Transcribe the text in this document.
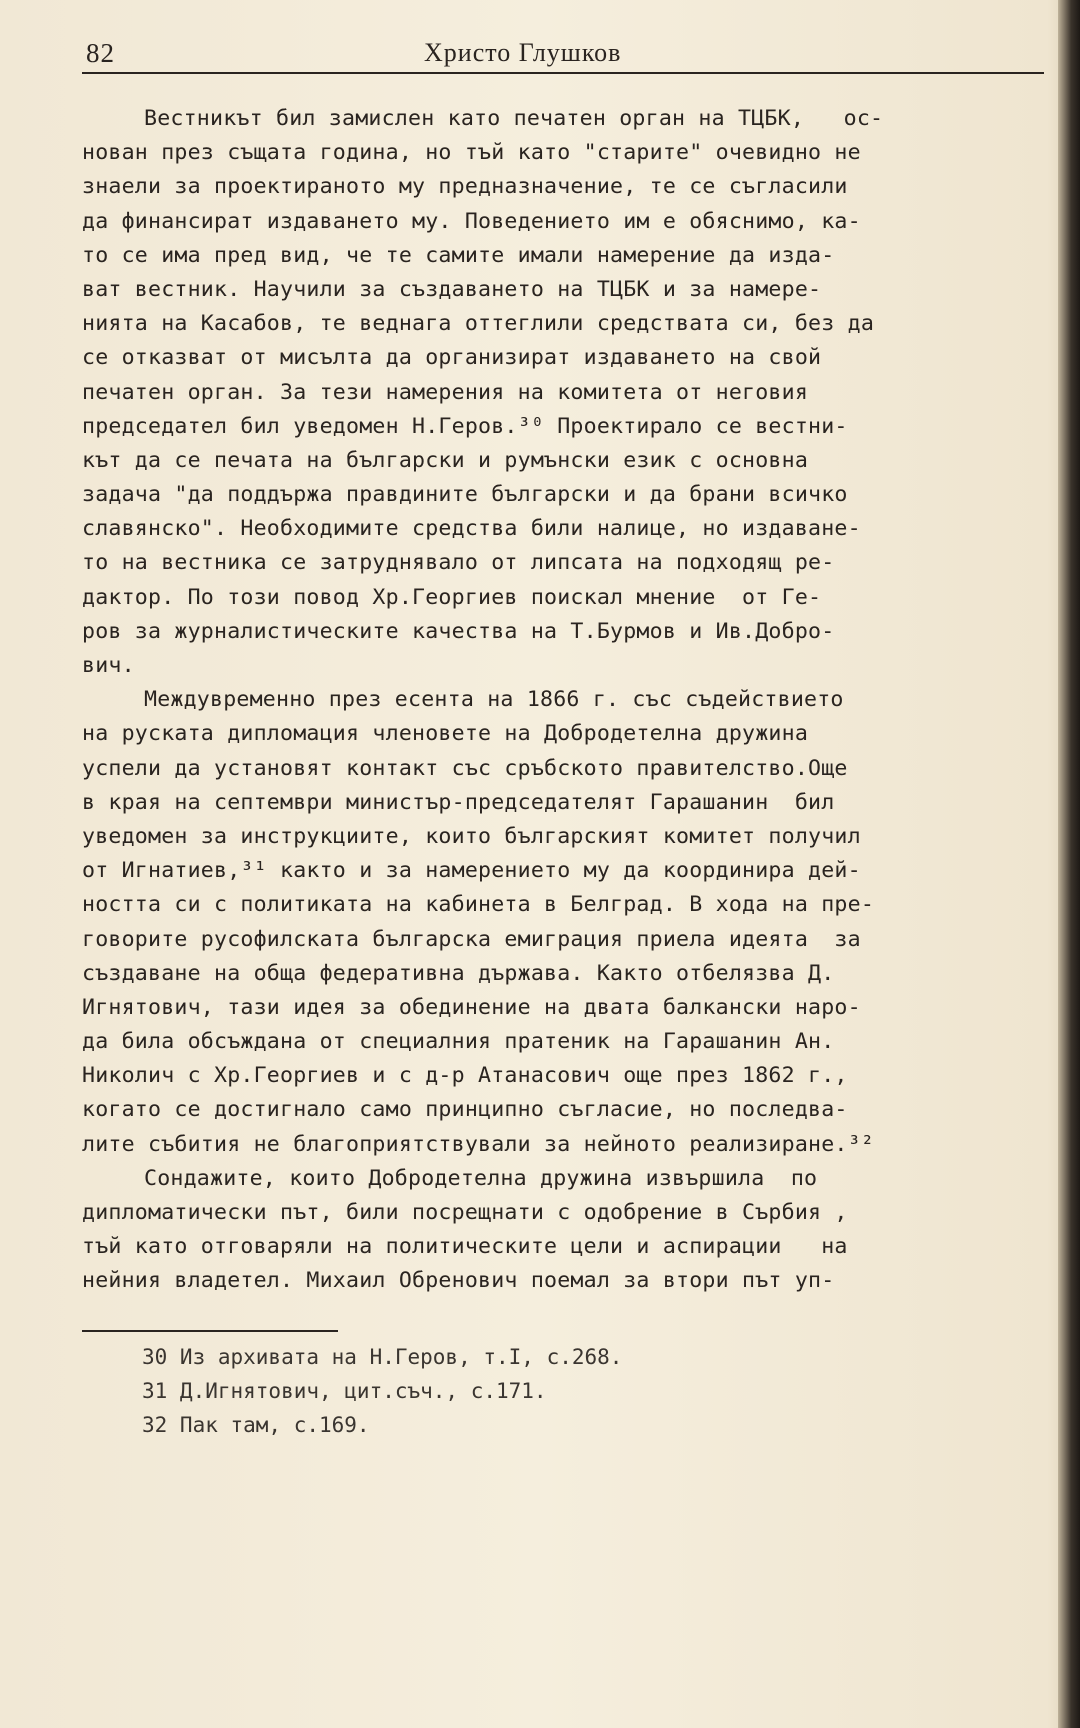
82	Христо Глушков
Вестникът бил замислен като печатен орган на ТЦБК,   ос-
нован през същата година, но тъй като "старите" очевидно не
знаели за проектираното му предназначение, те се съгласили
да финансират издаването му. Поведението им е обяснимо, ка-
то се има пред вид, че те самите имали намерение да изда-
ват вестник. Научили за създаването на ТЦБК и за намере-
нията на Касабов, те веднага оттеглили средствата си, без да
се отказват от мисълта да организират издаването на свой
печатен орган. За тези намерения на комитета от неговия
председател бил уведомен Н.Геров.³⁰ Проектирало се вестни-
кът да се печата на български и румънски език с основна
задача "да поддържа правдините български и да брани всичко
славянско". Необходимите средства били налице, но издаване-
то на вестника се затруднявало от липсата на подходящ ре-
дактор. По този повод Хр.Георгиев поискал мнение  от Ге-
ров за журналистическите качества на Т.Бурмов и Ив.Добро-
вич.
Междувременно през есента на 1866 г. със съдействието
на руската дипломация членовете на Добродетелна дружина
успели да установят контакт със сръбското правителство.Още
в края на септември министър-председателят Гарашанин  бил
уведомен за инструкциите, които българският комитет получил
от Игнатиев,³¹ както и за намерението му да координира дей-
ността си с политиката на кабинета в Белград. В хода на пре-
говорите русофилската българска емиграция приела идеята  за
създаване на обща федеративна държава. Както отбелязва Д.
Игнятович, тази идея за обединение на двата балкански наро-
да била обсъждана от специалния пратеник на Гарашанин Ан.
Николич с Хр.Георгиев и с д-р Атанасович още през 1862 г.,
когато се достигнало само принципно съгласие, но последва-
лите събития не благоприятствували за нейното реализиране.³²
Сондажите, които Добродетелна дружина извършила  по
дипломатически път, били посрещнати с одобрение в Сърбия ,
тъй като отговаряли на политическите цели и аспирации   на
нейния владетел. Михаил Обренович поемал за втори път уп-
30 Из архивата на Н.Геров, т.I, с.268.
31 Д.Игнятович, цит.съч., с.171.
32 Пак там, с.169.
